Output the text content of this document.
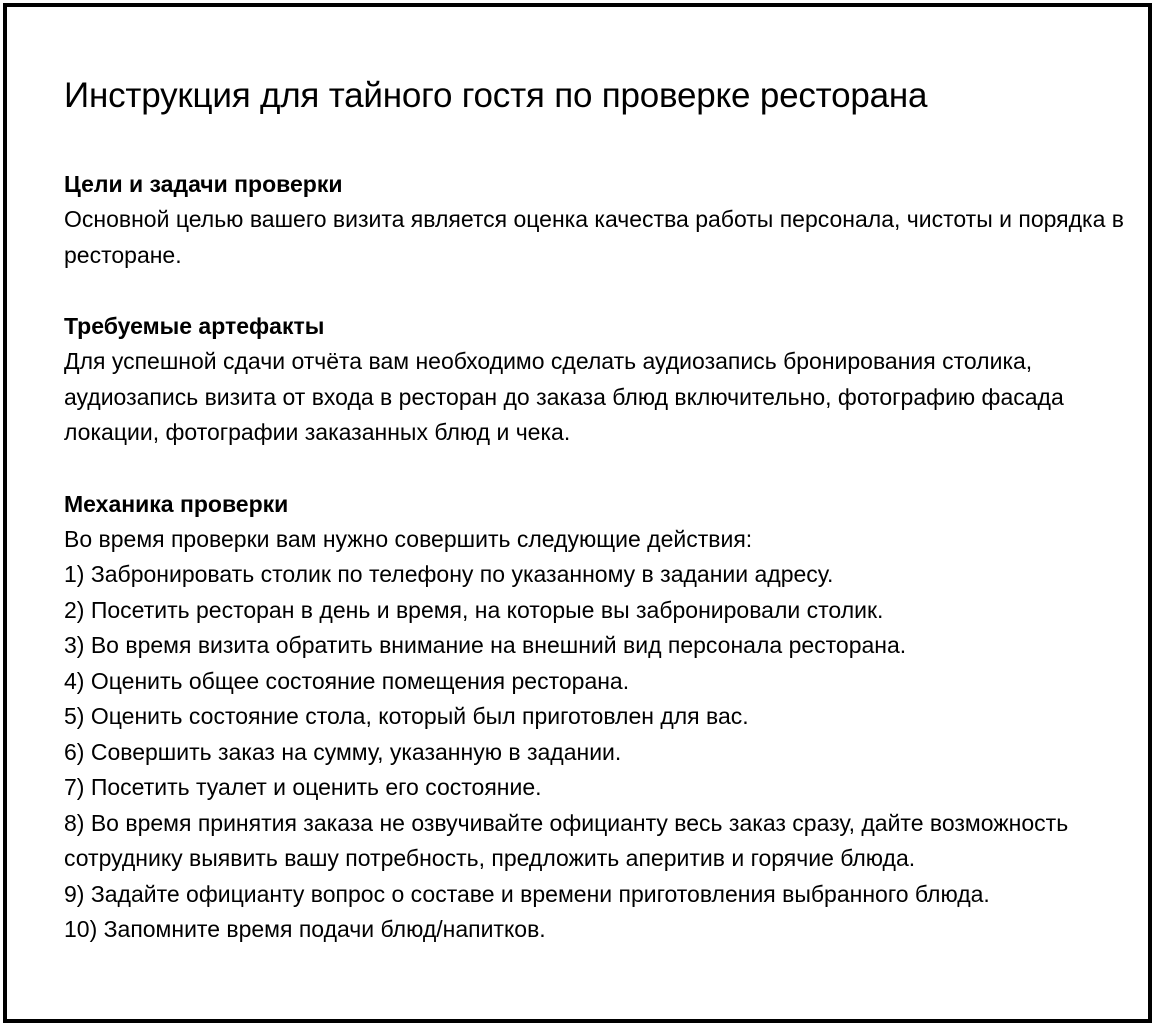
Инструкция для тайного гостя по проверке ресторана

Цели и задачи проверки

Основной целью вашего визита является оценка качества работы персонала, чистоты и порядка в ресторане.

Требуемые артефакты

Для успешной сдачи отчёта вам необходимо сделать аудиозапись бронирования столика, аудиозапись визита от входа в ресторан до заказа блюд включительно, фотографию фасада локации, фотографии заказанных блюд и чека.

Механика проверки

Во время проверки вам нужно совершить следующие действия:

1) Забронировать столик по телефону по указанному в задании адресу.
2) Посетить ресторан в день и время, на которые вы забронировали столик.
3) Во время визита обратить внимание на внешний вид персонала ресторана.
4) Оценить общее состояние помещения ресторана.
5) Оценить состояние стола, который был приготовлен для вас.
6) Совершить заказ на сумму, указанную в задании.
7) Посетить туалет и оценить его состояние.
8) Во время принятия заказа не озвучивайте официанту весь заказ сразу, дайте возможность сотруднику выявить вашу потребность, предложить аперитив и горячие блюда.
9) Задайте официанту вопрос о составе и времени приготовления выбранного блюда.
10) Запомните время подачи блюд/напитков.
